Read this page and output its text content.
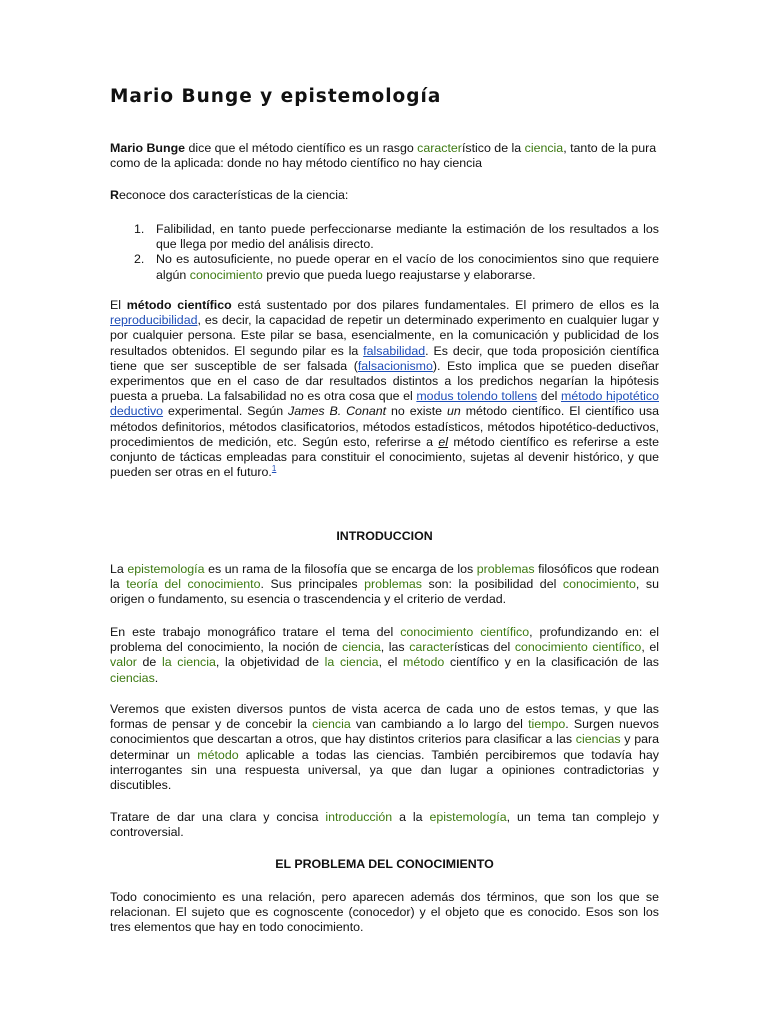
Mario Bunge y epistemología

Mario Bunge dice que el método científico es un rasgo característico de la ciencia, tanto de la pura como de la aplicada: donde no hay método científico no hay ciencia

Reconoce dos características de la ciencia:

1. Falibilidad, en tanto puede perfeccionarse mediante la estimación de los resultados a los que llega por medio del análisis directo.
2. No es autosuficiente, no puede operar en el vacío de los conocimientos sino que requiere algún conocimiento previo que pueda luego reajustarse y elaborarse.

El método científico está sustentado por dos pilares fundamentales. El primero de ellos es la reproducibilidad, es decir, la capacidad de repetir un determinado experimento en cualquier lugar y por cualquier persona. Este pilar se basa, esencialmente, en la comunicación y publicidad de los resultados obtenidos. El segundo pilar es la falsabilidad. Es decir, que toda proposición científica tiene que ser susceptible de ser falsada (falsacionismo). Esto implica que se pueden diseñar experimentos que en el caso de dar resultados distintos a los predichos negarían la hipótesis puesta a prueba. La falsabilidad no es otra cosa que el modus tolendo tollens del método hipotético deductivo experimental. Según James B. Conant no existe un método científico. El científico usa métodos definitorios, métodos clasificatorios, métodos estadísticos, métodos hipotético-deductivos, procedimientos de medición, etc. Según esto, referirse a el método científico es referirse a este conjunto de tácticas empleadas para constituir el conocimiento, sujetas al devenir histórico, y que pueden ser otras en el futuro.$^1$

INTRODUCCION

La epistemología es un rama de la filosofía que se encarga de los problemas filosóficos que rodean la teoría del conocimiento. Sus principales problemas son: la posibilidad del conocimiento, su origen o fundamento, su esencia o trascendencia y el criterio de verdad.

En este trabajo monográfico tratare el tema del conocimiento científico, profundizando en: el problema del conocimiento, la noción de ciencia, las características del conocimiento científico, el valor de la ciencia, la objetividad de la ciencia, el método científico y en la clasificación de las ciencias.

Veremos que existen diversos puntos de vista acerca de cada uno de estos temas, y que las formas de pensar y de concebir la ciencia van cambiando a lo largo del tiempo. Surgen nuevos conocimientos que descartan a otros, que hay distintos criterios para clasificar a las ciencias y para determinar un método aplicable a todas las ciencias. También percibiremos que todavía hay interrogantes sin una respuesta universal, ya que dan lugar a opiniones contradictorias y discutibles.

Tratare de dar una clara y concisa introducción a la epistemología, un tema tan complejo y controversial.

EL PROBLEMA DEL CONOCIMIENTO

Todo conocimiento es una relación, pero aparecen además dos términos, que son los que se relacionan. El sujeto que es cognoscente (conocedor) y el objeto que es conocido. Esos son los tres elementos que hay en todo conocimiento.
